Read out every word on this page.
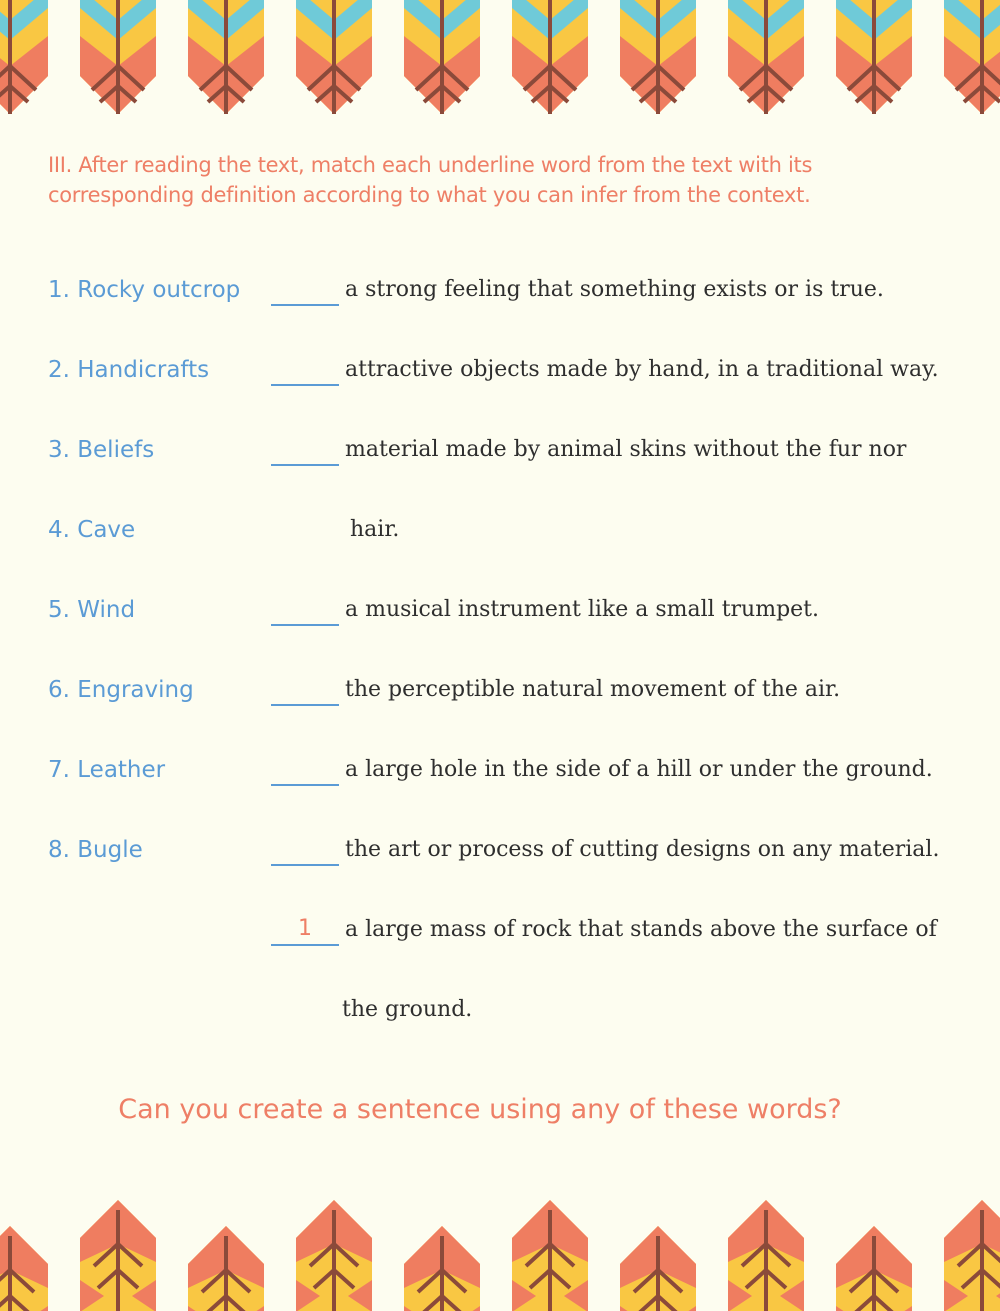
III. After reading the text, match each underline word from the text with its corresponding definition according to what you can infer from the context.
1. Rocky outcrop
2. Handicrafts
3. Beliefs
4. Cave
5. Wind
6. Engraving
7. Leather
8. Bugle
a strong feeling that something exists or is true.
attractive objects made by hand, in a traditional way.
material made by animal skins without the fur nor
hair.
a musical instrument like a small trumpet.
the perceptible natural movement of the air.
a large hole in the side of a hill or under the ground.
the art or process of cutting designs on any material.
1	a large mass of rock that stands above the surface of
the ground.
Can you create a sentence using any of these words?
